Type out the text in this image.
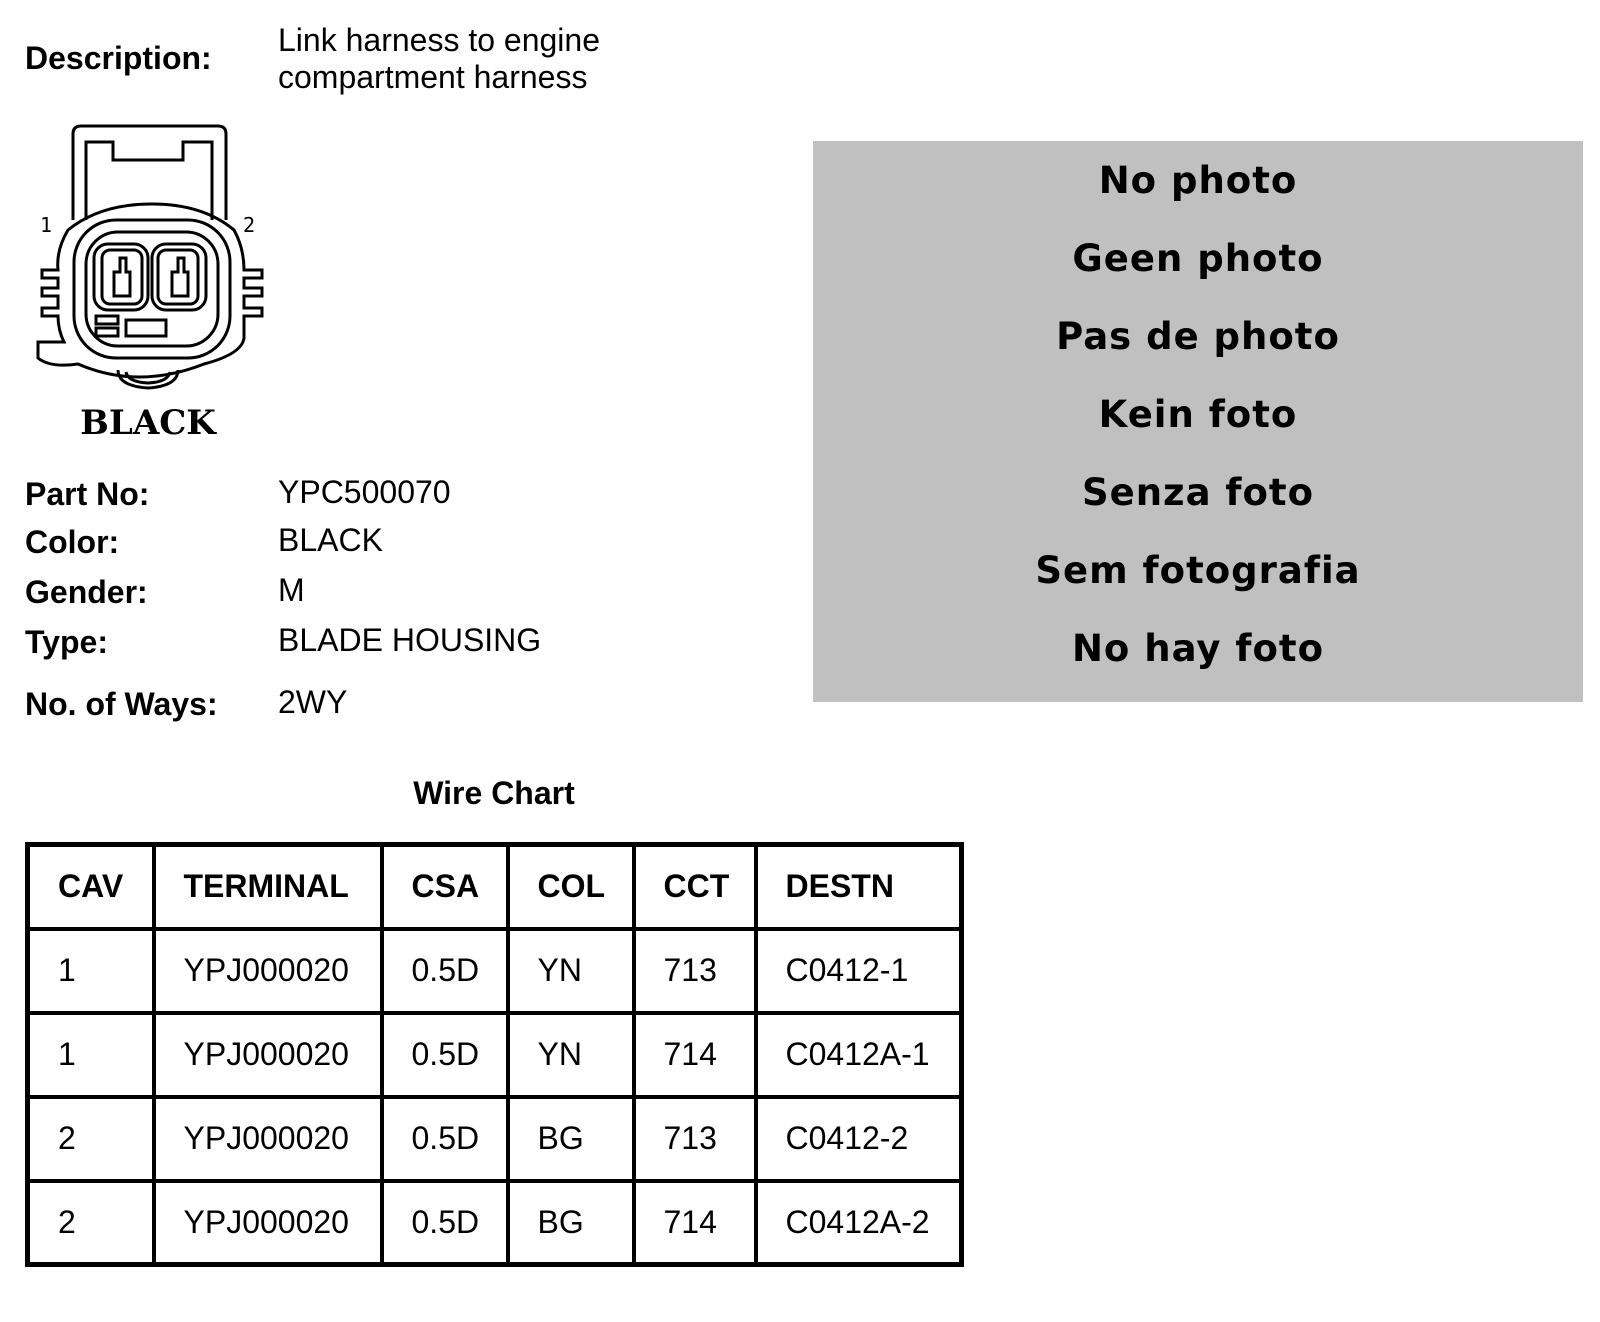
Description: Link harness to engine
compartment harness
1	2
BLACK
Part No:	YPC500070
Color:	BLACK
Gender:	M
Type:	BLADE HOUSING
No. of Ways: 2WY
No photo
Geen photo
Pas de photo
Kein foto
Senza foto
Sem fotografia
No hay foto
Wire Chart
CAV	TERMINAL	CSA	COL	CCT	DESTN
1	YPJ000020	0.5D	YN	713	C0412-1
1	YPJ000020	0.5D	YN	714	C0412A-1
2	YPJ000020	0.5D	BG	713	C0412-2
2	YPJ000020	0.5D	BG	714	C0412A-2
